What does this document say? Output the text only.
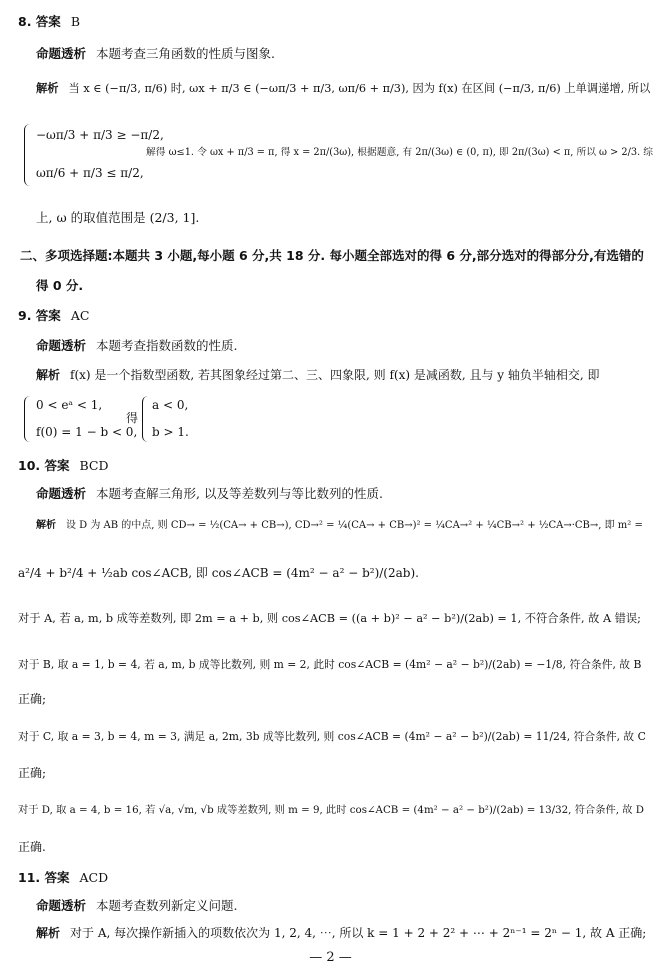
8. 答案 B
命题透析 本题考查三角函数的性质与图象.
解析 当 x ∈ (−π/3, π/6) 时, ωx + π/3 ∈ (−ωπ/3 + π/3, ωπ/6 + π/3), 因为 f(x) 在区间 (−π/3, π/6) 上单调递增, 所以
−ωπ/3 + π/3 ≥ −π/2,
ωπ/6 + π/3 ≤ π/2,
解得 ω≤1. 令 ωx + π/3 = π, 得 x = 2π/(3ω), 根据题意, 有 2π/(3ω) ∈ (0, π), 即 2π/(3ω) < π, 所以 ω > 2/3. 综
上, ω 的取值范围是 (2/3, 1].
二、多项选择题:本题共 3 小题,每小题 6 分,共 18 分. 每小题全部选对的得 6 分,部分选对的得部分分,有选错的
得 0 分.
9. 答案 AC
命题透析 本题考查指数函数的性质.
解析 f(x) 是一个指数型函数, 若其图象经过第二、三、四象限, 则 f(x) 是减函数, 且与 y 轴负半轴相交, 即
0 < eᵃ < 1,
f(0) = 1 − b < 0,
得
a < 0,
b > 1.
10. 答案 BCD
命题透析 本题考查解三角形, 以及等差数列与等比数列的性质.
解析 设 D 为 AB 的中点, 则 CD→ = ½(CA→ + CB→), CD→² = ¼(CA→ + CB→)² = ¼CA→² + ¼CB→² + ½CA→·CB→, 即 m² =
a²/4 + b²/4 + ½ab cos∠ACB, 即 cos∠ACB = (4m² − a² − b²)/(2ab).
对于 A, 若 a, m, b 成等差数列, 即 2m = a + b, 则 cos∠ACB = ((a + b)² − a² − b²)/(2ab) = 1, 不符合条件, 故 A 错误;
对于 B, 取 a = 1, b = 4, 若 a, m, b 成等比数列, 则 m = 2, 此时 cos∠ACB = (4m² − a² − b²)/(2ab) = −1/8, 符合条件, 故 B
正确;
对于 C, 取 a = 3, b = 4, m = 3, 满足 a, 2m, 3b 成等比数列, 则 cos∠ACB = (4m² − a² − b²)/(2ab) = 11/24, 符合条件, 故 C
正确;
对于 D, 取 a = 4, b = 16, 若 √a, √m, √b 成等差数列, 则 m = 9, 此时 cos∠ACB = (4m² − a² − b²)/(2ab) = 13/32, 符合条件, 故 D
正确.
11. 答案 ACD
命题透析 本题考查数列新定义问题.
解析 对于 A, 每次操作新插入的项数依次为 1, 2, 4, ⋯, 所以 k = 1 + 2 + 2² + ⋯ + 2ⁿ⁻¹ = 2ⁿ − 1, 故 A 正确;
— 2 —
